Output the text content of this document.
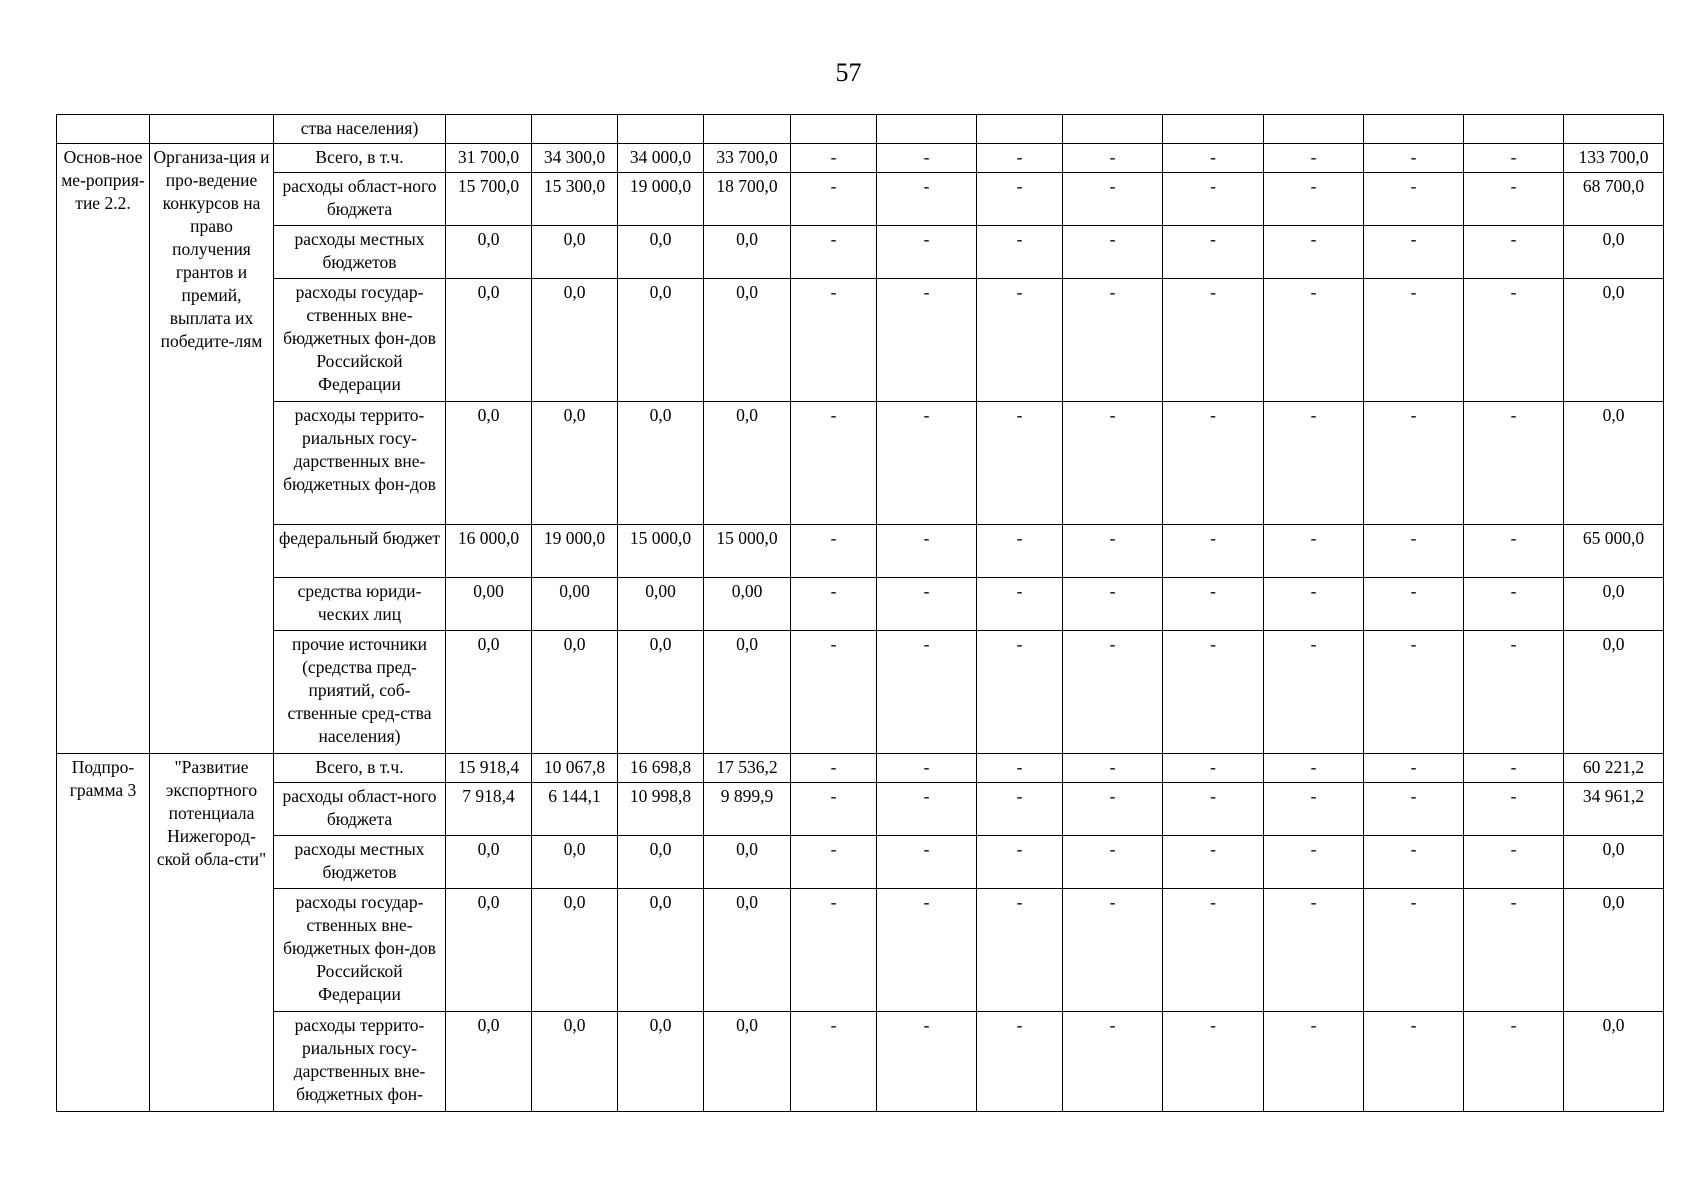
57
		ства населения)													
Основ-ное ме-роприя-тие 2.2.	Организа-ция и про-ведение конкурсов на право получения грантов и премий, выплата их победите-лям	Всего, в т.ч.	31 700,0	34 300,0	34 000,0	33 700,0	-	-	-	-	-	-	-	-	133 700,0
		расходы област-ного бюджета	15 700,0	15 300,0	19 000,0	18 700,0	-	-	-	-	-	-	-	-	68 700,0
		расходы местных бюджетов	0,0	0,0	0,0	0,0	-	-	-	-	-	-	-	-	0,0
		расходы государ-ственных вне-бюджетных фон-дов Российской Федерации	0,0	0,0	0,0	0,0	-	-	-	-	-	-	-	-	0,0
		расходы террито-риальных госу-дарственных вне-бюджетных фон-дов	0,0	0,0	0,0	0,0	-	-	-	-	-	-	-	-	0,0
		федеральный бюджет	16 000,0	19 000,0	15 000,0	15 000,0	-	-	-	-	-	-	-	-	65 000,0
		средства юриди-ческих лиц	0,00	0,00	0,00	0,00	-	-	-	-	-	-	-	-	0,0
		прочие источники (средства пред-приятий, соб-ственные сред-ства населения)	0,0	0,0	0,0	0,0	-	-	-	-	-	-	-	-	0,0
Подпро-грамма 3	"Развитие экспортного потенциала Нижегород-ской обла-сти"	Всего, в т.ч.	15 918,4	10 067,8	16 698,8	17 536,2	-	-	-	-	-	-	-	-	60 221,2
		расходы област-ного бюджета	7 918,4	6 144,1	10 998,8	9 899,9	-	-	-	-	-	-	-	-	34 961,2
		расходы местных бюджетов	0,0	0,0	0,0	0,0	-	-	-	-	-	-	-	-	0,0
		расходы государ-ственных вне-бюджетных фон-дов Российской Федерации	0,0	0,0	0,0	0,0	-	-	-	-	-	-	-	-	0,0
		расходы террито-риальных госу-дарственных вне-бюджетных фон-	0,0	0,0	0,0	0,0	-	-	-	-	-	-	-	-	0,0
